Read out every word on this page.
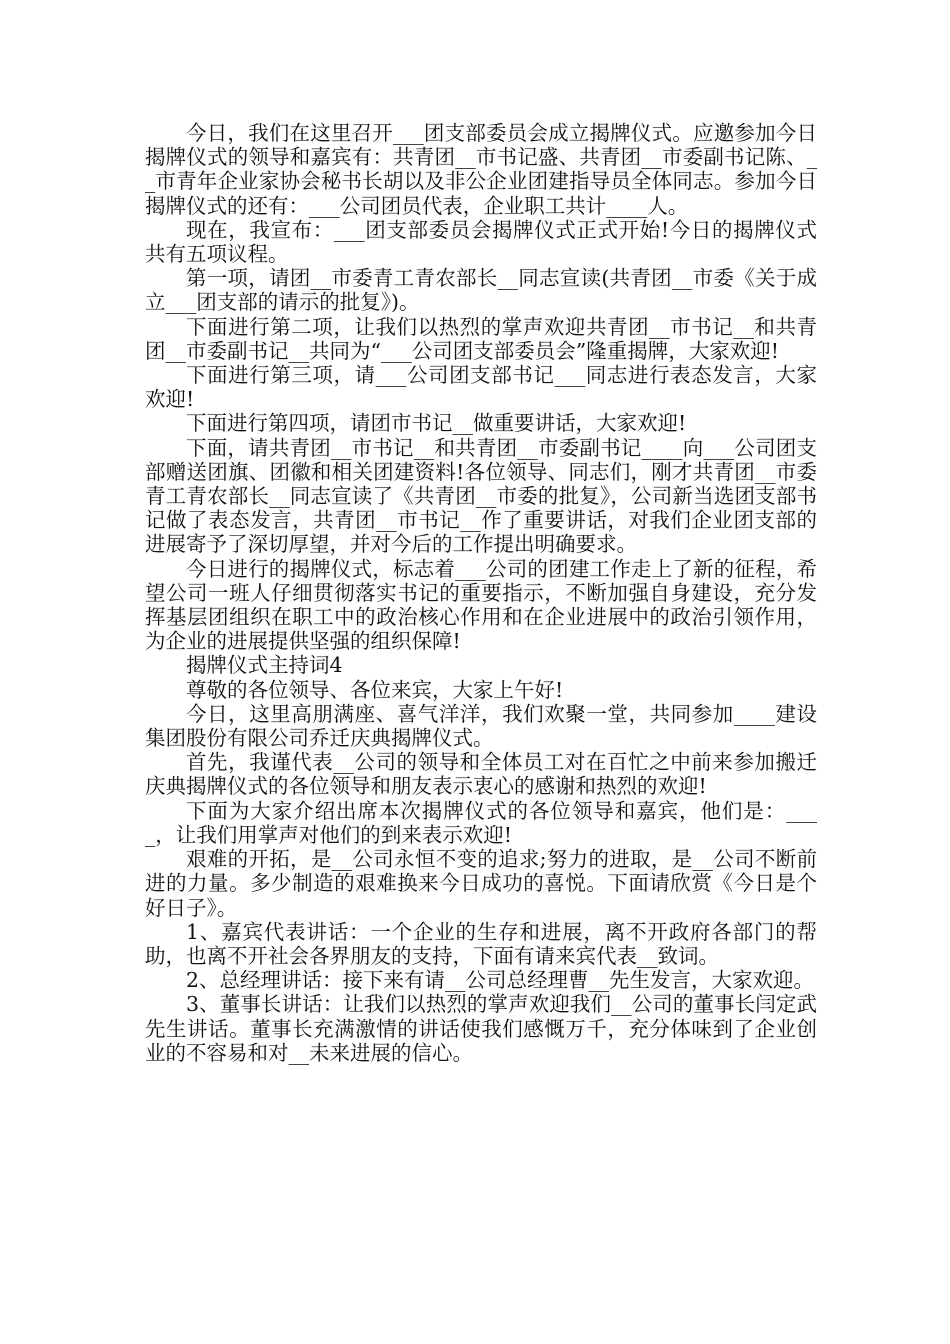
今日，我们在这里召开___团支部委员会成立揭牌仪式。应邀参加今日揭牌仪式的领导和嘉宾有：共青团__市书记盛、共青团__市委副书记陈、__市青年企业家协会秘书长胡以及非公企业团建指导员全体同志。参加今日揭牌仪式的还有：___公司团员代表，企业职工共计____人。

现在，我宣布：___团支部委员会揭牌仪式正式开始!今日的揭牌仪式共有五项议程。

第一项，请团__市委青工青农部长__同志宣读(共青团__市委《关于成立___团支部的请示的批复》)。

下面进行第二项，让我们以热烈的掌声欢迎共青团__市书记__和共青团__市委副书记__共同为“___公司团支部委员会”隆重揭牌，大家欢迎!

下面进行第三项，请___公司团支部书记___同志进行表态发言，大家欢迎!

下面进行第四项，请团市书记__做重要讲话，大家欢迎!

下面，请共青团__市书记__和共青团__市委副书记____向___公司团支部赠送团旗、团徽和相关团建资料!各位领导、同志们，刚才共青团__市委青工青农部长__同志宣读了《共青团__市委的批复》，公司新当选团支部书记做了表态发言，共青团__市书记__作了重要讲话，对我们企业团支部的进展寄予了深切厚望，并对今后的工作提出明确要求。

今日进行的揭牌仪式，标志着___公司的团建工作走上了新的征程，希望公司一班人仔细贯彻落实书记的重要指示，不断加强自身建设，充分发挥基层团组织在职工中的政治核心作用和在企业进展中的政治引领作用，为企业的进展提供坚强的组织保障!

揭牌仪式主持词4

尊敬的各位领导、各位来宾，大家上午好!

今日，这里高朋满座、喜气洋洋，我们欢聚一堂，共同参加____建设集团股份有限公司乔迁庆典揭牌仪式。

首先，我谨代表__公司的领导和全体员工对在百忙之中前来参加搬迁庆典揭牌仪式的各位领导和朋友表示衷心的感谢和热烈的欢迎!

下面为大家介绍出席本次揭牌仪式的各位领导和嘉宾，他们是：____，让我们用掌声对他们的到来表示欢迎!

艰难的开拓，是__公司永恒不变的追求;努力的进取，是__公司不断前进的力量。多少制造的艰难换来今日成功的喜悦。下面请欣赏《今日是个好日子》。

1、嘉宾代表讲话：一个企业的生存和进展，离不开政府各部门的帮助，也离不开社会各界朋友的支持，下面有请来宾代表__致词。

2、总经理讲话：接下来有请__公司总经理曹__先生发言，大家欢迎。

3、董事长讲话：让我们以热烈的掌声欢迎我们__公司的董事长闫定武先生讲话。董事长充满激情的讲话使我们感慨万千，充分体味到了企业创业的不容易和对__未来进展的信心。
